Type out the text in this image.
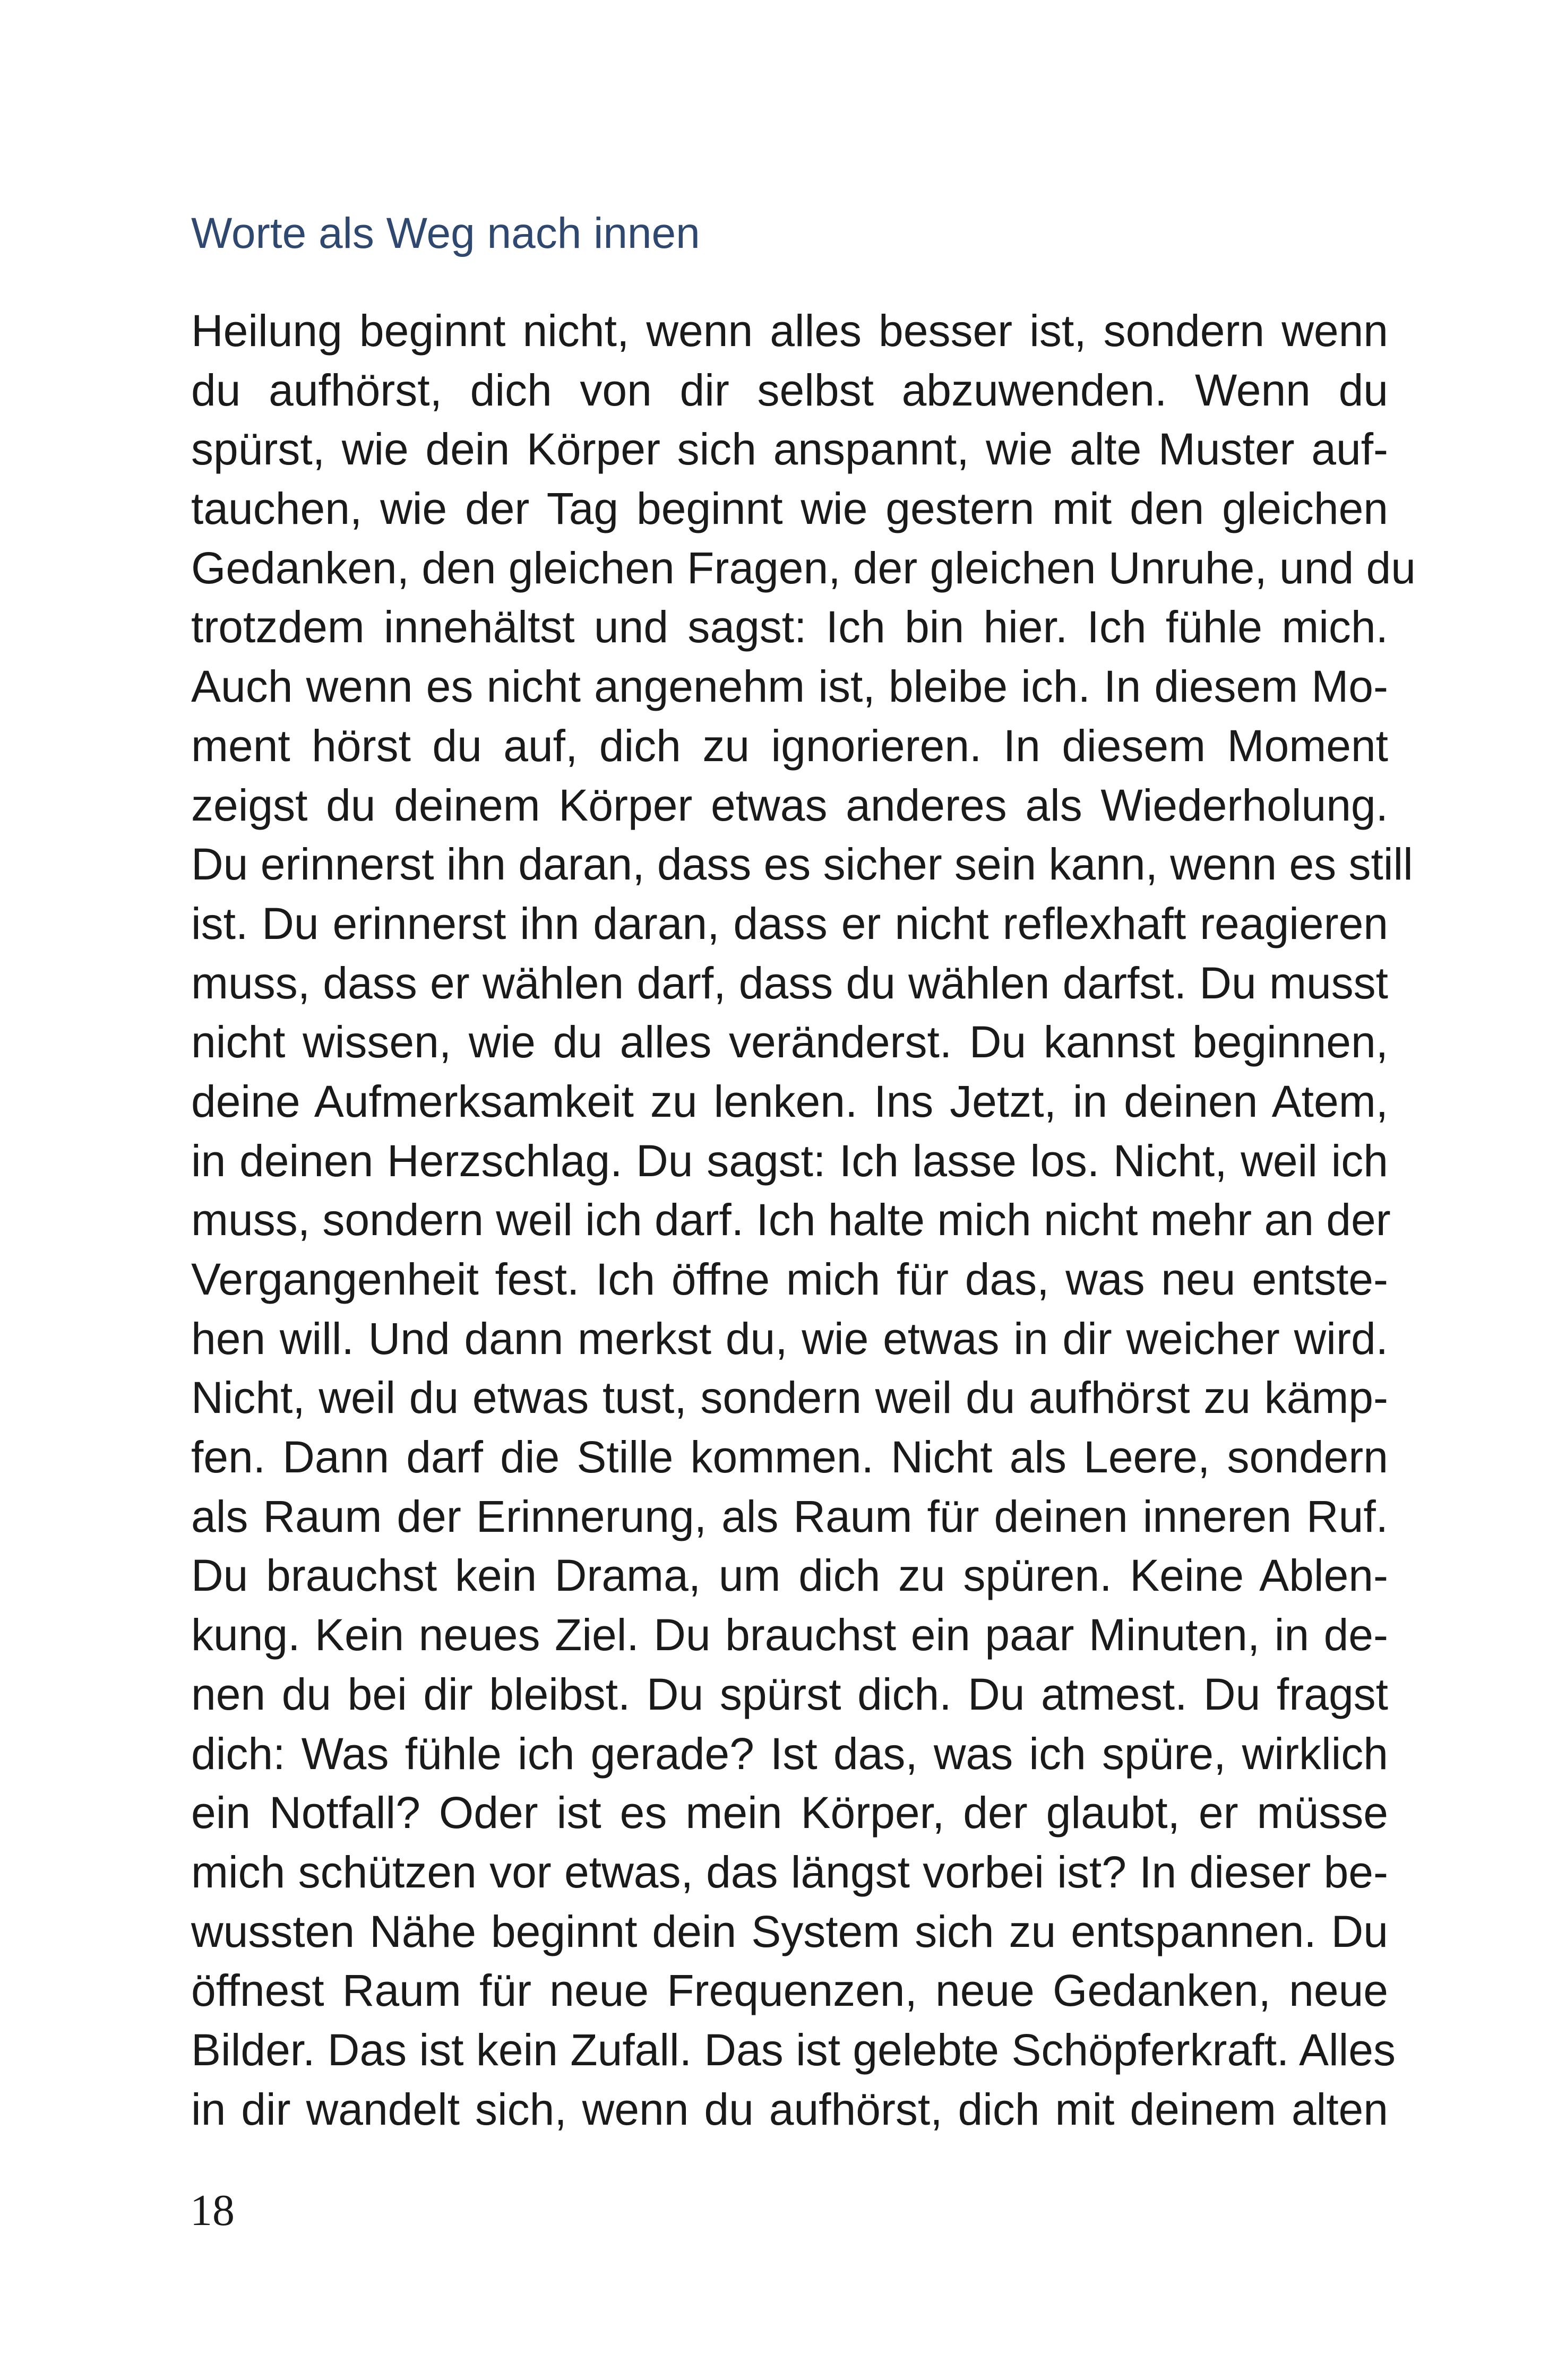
Worte als Weg nach innen
Heilung beginnt nicht, wenn alles besser ist, sondern wenn
du aufhörst, dich von dir selbst abzuwenden. Wenn du
spürst, wie dein Körper sich anspannt, wie alte Muster auf-
tauchen, wie der Tag beginnt wie gestern mit den gleichen
Gedanken, den gleichen Fragen, der gleichen Unruhe, und du
trotzdem innehältst und sagst: Ich bin hier. Ich fühle mich.
Auch wenn es nicht angenehm ist, bleibe ich. In diesem Mo-
ment hörst du auf, dich zu ignorieren. In diesem Moment
zeigst du deinem Körper etwas anderes als Wiederholung.
Du erinnerst ihn daran, dass es sicher sein kann, wenn es still
ist. Du erinnerst ihn daran, dass er nicht reflexhaft reagieren
muss, dass er wählen darf, dass du wählen darfst. Du musst
nicht wissen, wie du alles veränderst. Du kannst beginnen,
deine Aufmerksamkeit zu lenken. Ins Jetzt, in deinen Atem,
in deinen Herzschlag. Du sagst: Ich lasse los. Nicht, weil ich
muss, sondern weil ich darf. Ich halte mich nicht mehr an der
Vergangenheit fest. Ich öffne mich für das, was neu entste-
hen will. Und dann merkst du, wie etwas in dir weicher wird.
Nicht, weil du etwas tust, sondern weil du aufhörst zu kämp-
fen. Dann darf die Stille kommen. Nicht als Leere, sondern
als Raum der Erinnerung, als Raum für deinen inneren Ruf.
Du brauchst kein Drama, um dich zu spüren. Keine Ablen-
kung. Kein neues Ziel. Du brauchst ein paar Minuten, in de-
nen du bei dir bleibst. Du spürst dich. Du atmest. Du fragst
dich: Was fühle ich gerade? Ist das, was ich spüre, wirklich
ein Notfall? Oder ist es mein Körper, der glaubt, er müsse
mich schützen vor etwas, das längst vorbei ist? In dieser be-
wussten Nähe beginnt dein System sich zu entspannen. Du
öffnest Raum für neue Frequenzen, neue Gedanken, neue
Bilder. Das ist kein Zufall. Das ist gelebte Schöpferkraft. Alles
in dir wandelt sich, wenn du aufhörst, dich mit deinem alten
18
